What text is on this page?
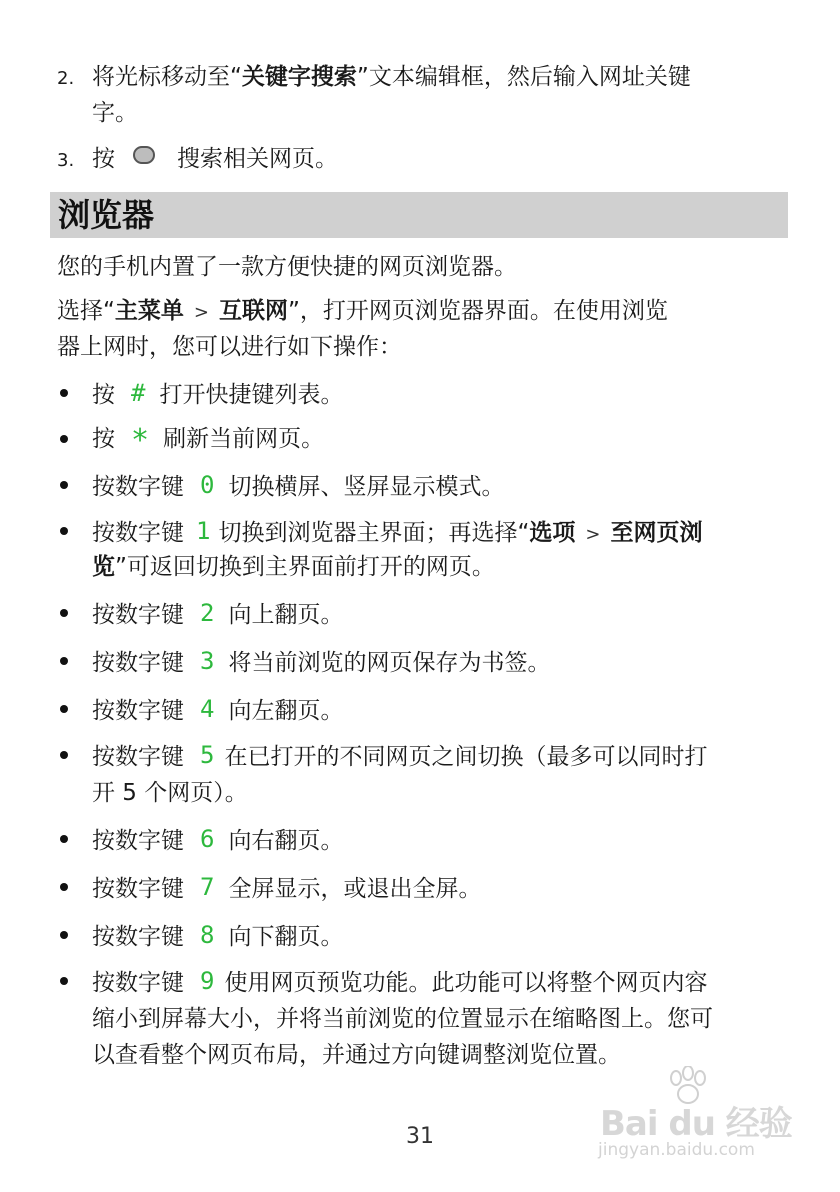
2. 将光标移动至“关键字搜索”文本编辑框，然后输入网址关键
字。
3. 按	搜索相关网页。
浏览器
您的手机内置了一款方便快捷的网页浏览器。
选择“主菜单 > 互联网”，打开网页浏览器界面。在使用浏览
器上网时，您可以进行如下操作：
按 # 打开快捷键列表。
按 * 刷新当前网页。
按数字键 0 切换横屏、竖屏显示模式。
按数字键 1 切换到浏览器主界面；再选择“选项 > 至网页浏
览”可返回切换到主界面前打开的网页。
按数字键 2 向上翻页。
按数字键 3 将当前浏览的网页保存为书签。
按数字键 4 向左翻页。
按数字键 5 在已打开的不同网页之间切换（最多可以同时打
开 5 个网页）。
按数字键 6 向右翻页。
按数字键 7 全屏显示，或退出全屏。
按数字键 8 向下翻页。
按数字键 9 使用网页预览功能。此功能可以将整个网页内容
缩小到屏幕大小，并将当前浏览的位置显示在缩略图上。您可
以查看整个网页布局，并通过方向键调整浏览位置。
Bai du 经验
jingyan.baidu.com
31
